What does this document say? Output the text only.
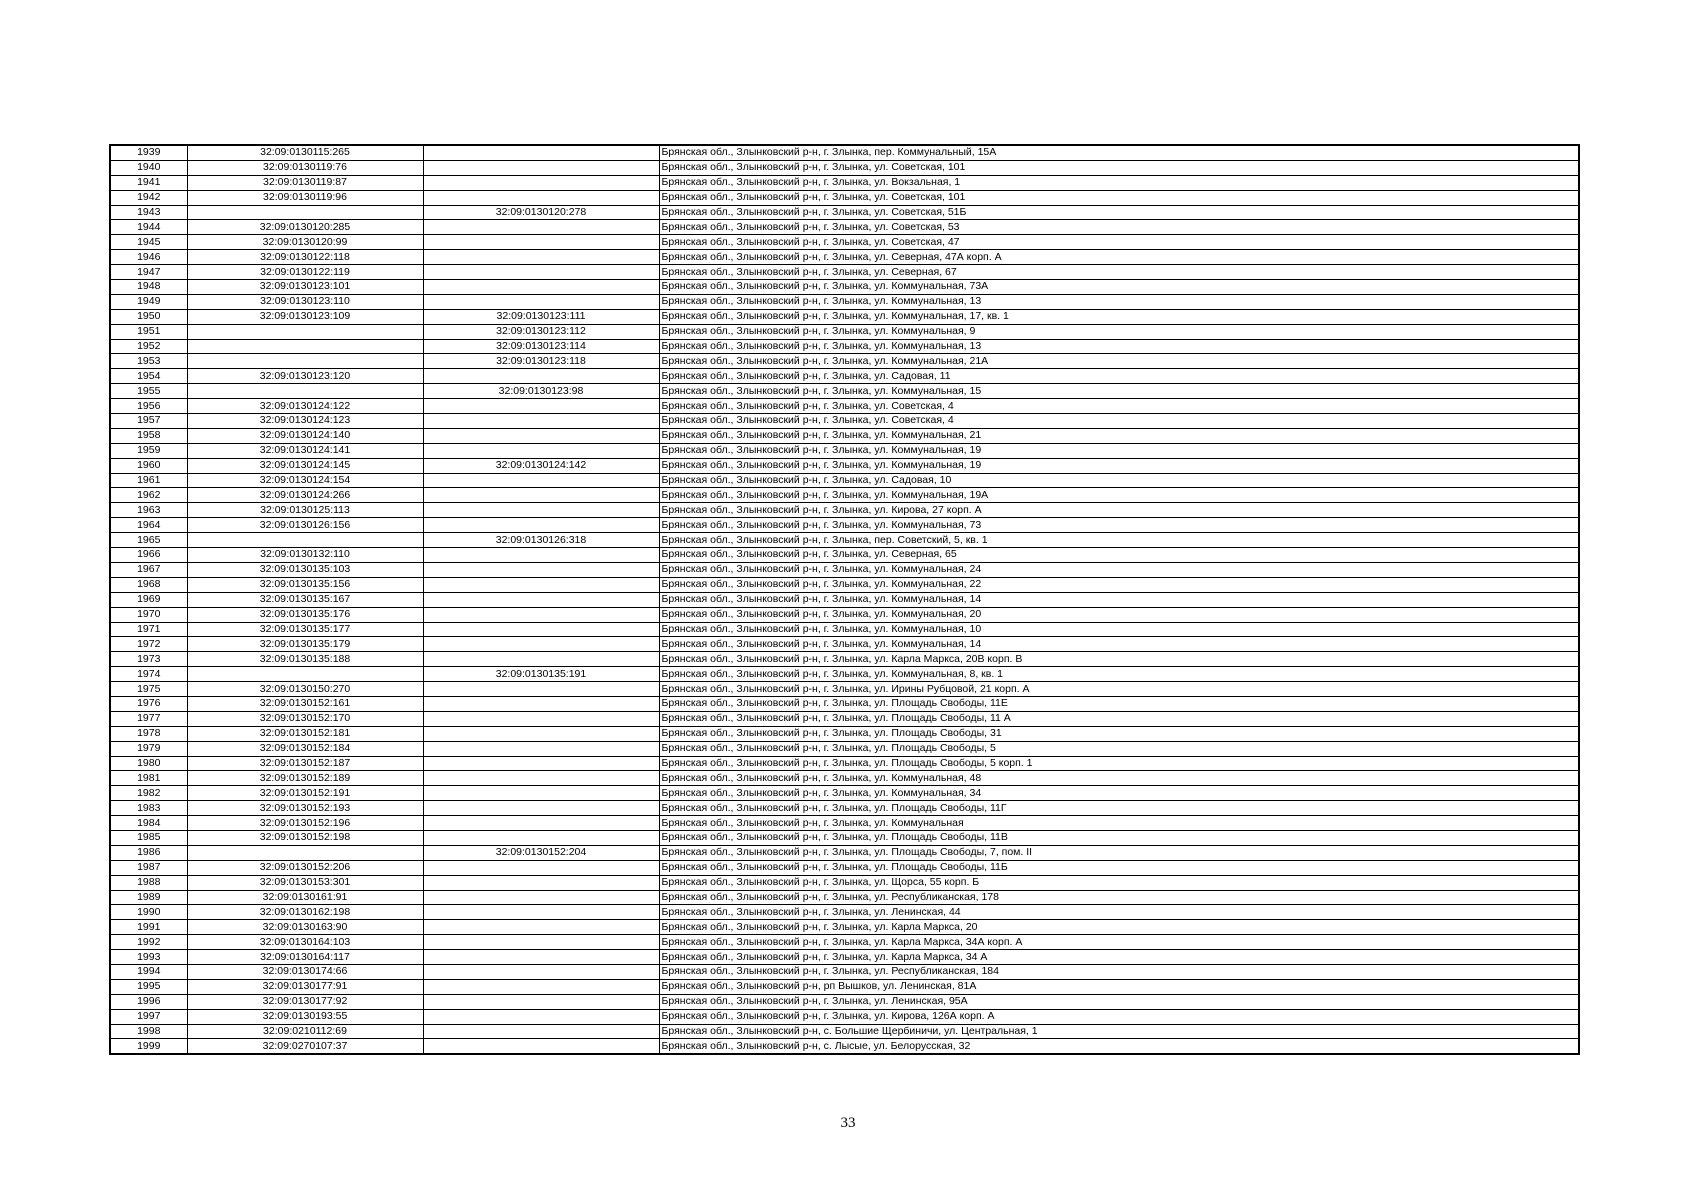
1939	32:09:0130115:265		Брянская обл., Злынковский р-н, г. Злынка, пер. Коммунальный, 15А
1940	32:09:0130119:76		Брянская обл., Злынковский р-н, г. Злынка, ул. Советская, 101
1941	32:09:0130119:87		Брянская обл., Злынковский р-н, г. Злынка, ул. Вокзальная, 1
1942	32:09:0130119:96		Брянская обл., Злынковский р-н, г. Злынка, ул. Советская, 101
1943		32:09:0130120:278	Брянская обл., Злынковский р-н, г. Злынка, ул. Советская, 51Б
1944	32:09:0130120:285		Брянская обл., Злынковский р-н, г. Злынка, ул. Советская, 53
1945	32:09:0130120:99		Брянская обл., Злынковский р-н, г. Злынка, ул. Советская, 47
1946	32:09:0130122:118		Брянская обл., Злынковский р-н, г. Злынка, ул. Северная, 47А корп. А
1947	32:09:0130122:119		Брянская обл., Злынковский р-н, г. Злынка, ул. Северная, 67
1948	32:09:0130123:101		Брянская обл., Злынковский р-н, г. Злынка, ул. Коммунальная, 73А
1949	32:09:0130123:110		Брянская обл., Злынковский р-н, г. Злынка, ул. Коммунальная, 13
1950	32:09:0130123:109	32:09:0130123:111	Брянская обл., Злынковский р-н, г. Злынка, ул. Коммунальная, 17, кв. 1
1951		32:09:0130123:112	Брянская обл., Злынковский р-н, г. Злынка, ул. Коммунальная, 9
1952		32:09:0130123:114	Брянская обл., Злынковский р-н, г. Злынка, ул. Коммунальная, 13
1953		32:09:0130123:118	Брянская обл., Злынковский р-н, г. Злынка, ул. Коммунальная, 21А
1954	32:09:0130123:120		Брянская обл., Злынковский р-н, г. Злынка, ул. Садовая, 11
1955		32:09:0130123:98	Брянская обл., Злынковский р-н, г. Злынка, ул. Коммунальная, 15
1956	32:09:0130124:122		Брянская обл., Злынковский р-н, г. Злынка, ул. Советская, 4
1957	32:09:0130124:123		Брянская обл., Злынковский р-н, г. Злынка, ул. Советская, 4
1958	32:09:0130124:140		Брянская обл., Злынковский р-н, г. Злынка, ул. Коммунальная, 21
1959	32:09:0130124:141		Брянская обл., Злынковский р-н, г. Злынка, ул. Коммунальная, 19
1960	32:09:0130124:145	32:09:0130124:142	Брянская обл., Злынковский р-н, г. Злынка, ул. Коммунальная, 19
1961	32:09:0130124:154		Брянская обл., Злынковский р-н, г. Злынка, ул. Садовая, 10
1962	32:09:0130124:266		Брянская обл., Злынковский р-н, г. Злынка, ул. Коммунальная, 19А
1963	32:09:0130125:113		Брянская обл., Злынковский р-н, г. Злынка, ул. Кирова, 27 корп. А
1964	32:09:0130126:156		Брянская обл., Злынковский р-н, г. Злынка, ул. Коммунальная, 73
1965		32:09:0130126:318	Брянская обл., Злынковский р-н, г. Злынка, пер. Советский, 5, кв. 1
1966	32:09:0130132:110		Брянская обл., Злынковский р-н, г. Злынка, ул. Северная, 65
1967	32:09:0130135:103		Брянская обл., Злынковский р-н, г. Злынка, ул. Коммунальная, 24
1968	32:09:0130135:156		Брянская обл., Злынковский р-н, г. Злынка, ул. Коммунальная, 22
1969	32:09:0130135:167		Брянская обл., Злынковский р-н, г. Злынка, ул. Коммунальная, 14
1970	32:09:0130135:176		Брянская обл., Злынковский р-н, г. Злынка, ул. Коммунальная, 20
1971	32:09:0130135:177		Брянская обл., Злынковский р-н, г. Злынка, ул. Коммунальная, 10
1972	32:09:0130135:179		Брянская обл., Злынковский р-н, г. Злынка, ул. Коммунальная, 14
1973	32:09:0130135:188		Брянская обл., Злынковский р-н, г. Злынка, ул. Карла Маркса, 20В корп. В
1974		32:09:0130135:191	Брянская обл., Злынковский р-н, г. Злынка, ул. Коммунальная, 8, кв. 1
1975	32:09:0130150:270		Брянская обл., Злынковский р-н, г. Злынка, ул. Ирины Рубцовой, 21 корп. А
1976	32:09:0130152:161		Брянская обл., Злынковский р-н, г. Злынка, ул. Площадь Свободы, 11Е
1977	32:09:0130152:170		Брянская обл., Злынковский р-н, г. Злынка, ул. Площадь Свободы, 11 А
1978	32:09:0130152:181		Брянская обл., Злынковский р-н, г. Злынка, ул. Площадь Свободы, 31
1979	32:09:0130152:184		Брянская обл., Злынковский р-н, г. Злынка, ул. Площадь Свободы, 5
1980	32:09:0130152:187		Брянская обл., Злынковский р-н, г. Злынка, ул. Площадь Свободы, 5 корп. 1
1981	32:09:0130152:189		Брянская обл., Злынковский р-н, г. Злынка, ул. Коммунальная, 48
1982	32:09:0130152:191		Брянская обл., Злынковский р-н, г. Злынка, ул. Коммунальная, 34
1983	32:09:0130152:193		Брянская обл., Злынковский р-н, г. Злынка, ул. Площадь Свободы, 11Г
1984	32:09:0130152:196		Брянская обл., Злынковский р-н, г. Злынка, ул. Коммунальная
1985	32:09:0130152:198		Брянская обл., Злынковский р-н, г. Злынка, ул. Площадь Свободы, 11В
1986		32:09:0130152:204	Брянская обл., Злынковский р-н, г. Злынка, ул. Площадь Свободы, 7, пом. II
1987	32:09:0130152:206		Брянская обл., Злынковский р-н, г. Злынка, ул. Площадь Свободы, 11Б
1988	32:09:0130153:301		Брянская обл., Злынковский р-н, г. Злынка, ул. Щорса, 55 корп. Б
1989	32:09:0130161:91		Брянская обл., Злынковский р-н, г. Злынка, ул. Республиканская, 178
1990	32:09:0130162:198		Брянская обл., Злынковский р-н, г. Злынка, ул. Ленинская, 44
1991	32:09:0130163:90		Брянская обл., Злынковский р-н, г. Злынка, ул. Карла Маркса, 20
1992	32:09:0130164:103		Брянская обл., Злынковский р-н, г. Злынка, ул. Карла Маркса, 34А корп. А
1993	32:09:0130164:117		Брянская обл., Злынковский р-н, г. Злынка, ул. Карла Маркса, 34 А
1994	32:09:0130174:66		Брянская обл., Злынковский р-н, г. Злынка, ул. Республиканская, 184
1995	32:09:0130177:91		Брянская обл., Злынковский р-н, рп Вышков, ул. Ленинская, 81А
1996	32:09:0130177:92		Брянская обл., Злынковский р-н, г. Злынка, ул. Ленинская, 95А
1997	32:09:0130193:55		Брянская обл., Злынковский р-н, г. Злынка, ул. Кирова, 126А корп. А
1998	32:09:0210112:69		Брянская обл., Злынковский р-н, с. Большие Щербиничи, ул. Центральная, 1
1999	32:09:0270107:37		Брянская обл., Злынковский р-н, с. Лысые, ул. Белорусская, 32
33
